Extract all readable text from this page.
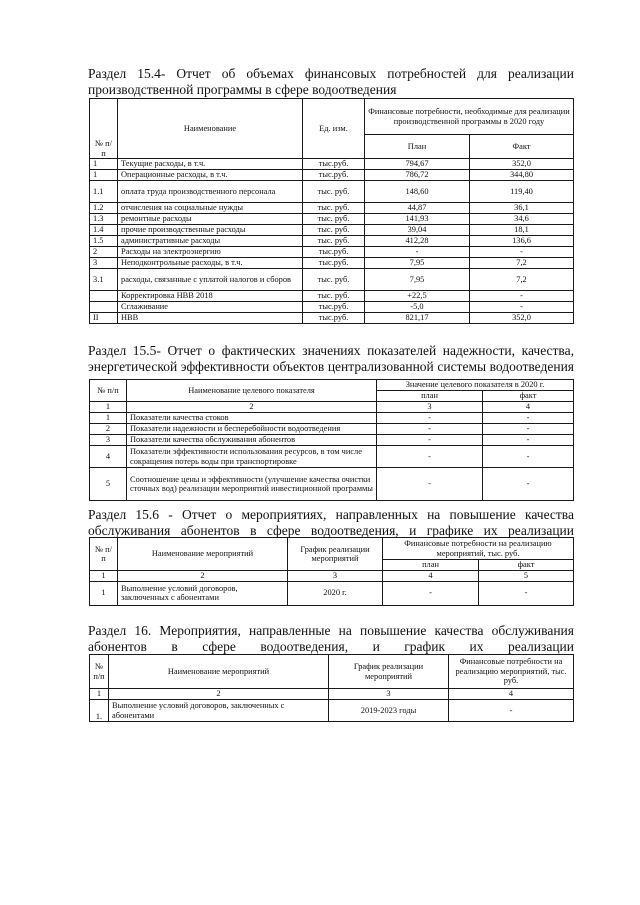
Раздел 15.4- Отчет об объемах финансовых потребностей для реализации производственной программы в сфере водоотведения
№ п/п	Наименование	Ед. изм.	Финансовые потребности, необходимые для реализации производственной программы в 2020 году	
			План	Факт
1	Текущие расходы, в т.ч.	тыс.руб.	794,67	352,0
1	Операционные расходы, в т.ч.	тыс.руб.	786,72	344,80
1.1	оплата труда производственного персонала	тыс. руб.	148,60	119,40
1.2	отчисления на социальные нужды	тыс. руб.	44,87	36,1
1.3	ремонтные расходы	тыс. руб.	141,93	34,6
1.4	прочие производственные расходы	тыс. руб.	39,04	18,1
1.5	административные расходы	тыс. руб.	412,28	136,6
2	Расходы на электроэнергию	тыс.руб.	-	-
3	Неподконтрольные расходы, в т.ч.	тыс.руб.	7,95	7,2
3.1	расходы, связанные с уплатой налогов и сборов	тыс. руб.	7,95	7,2
	Корректировка НВВ 2018	тыс. руб.	+22,5	-
	Сглаживание	тыс.руб.	-5,0	-
II	НВВ	тыс.руб.	821,17	352,0
Раздел 15.5- Отчет о фактических значениях показателей надежности, качества, энергетической эффективности объектов централизованной системы водоотведения
№ п/п	Наименование целевого показателя	Значение целевого показателя в 2020 г.	
		план	факт
1	2	3	4
1	Показатели качества стоков	-	-
2	Показатели надежности и бесперебойности водоотведения	-	-
3	Показатели качества обслуживания абонентов	-	-
4	Показатели эффективности использования ресурсов, в том числе сокращения потерь воды при транспортировке	-	-
5	Соотношение цены и эффективности (улучшение качества очистки сточных вод) реализации мероприятий инвестиционной программы	-	-
Раздел 15.6 - Отчет о мероприятиях, направленных на повышение качества обслуживания абонентов в сфере водоотведения, и графике их реализации
№ п/п	Наименование мероприятий	График реализации мероприятий	Финансовые потребности на реализацию мероприятий, тыс. руб.	
			план	факт
1	2	3	4	5
1	Выполнение условий договоров, заключенных с абонентами	2020 г.	-	-
Раздел 16. Мероприятия, направленные на повышение качества обслуживания абонентов в сфере водоотведения, и график их реализации
№ п/п	Наименование мероприятий	График реализации мероприятий	Финансовые потребности на реализацию мероприятий, тыс. руб.
1	2	3	4
1.	Выполнение условий договоров, заключенных с абонентами	2019-2023 годы	-
